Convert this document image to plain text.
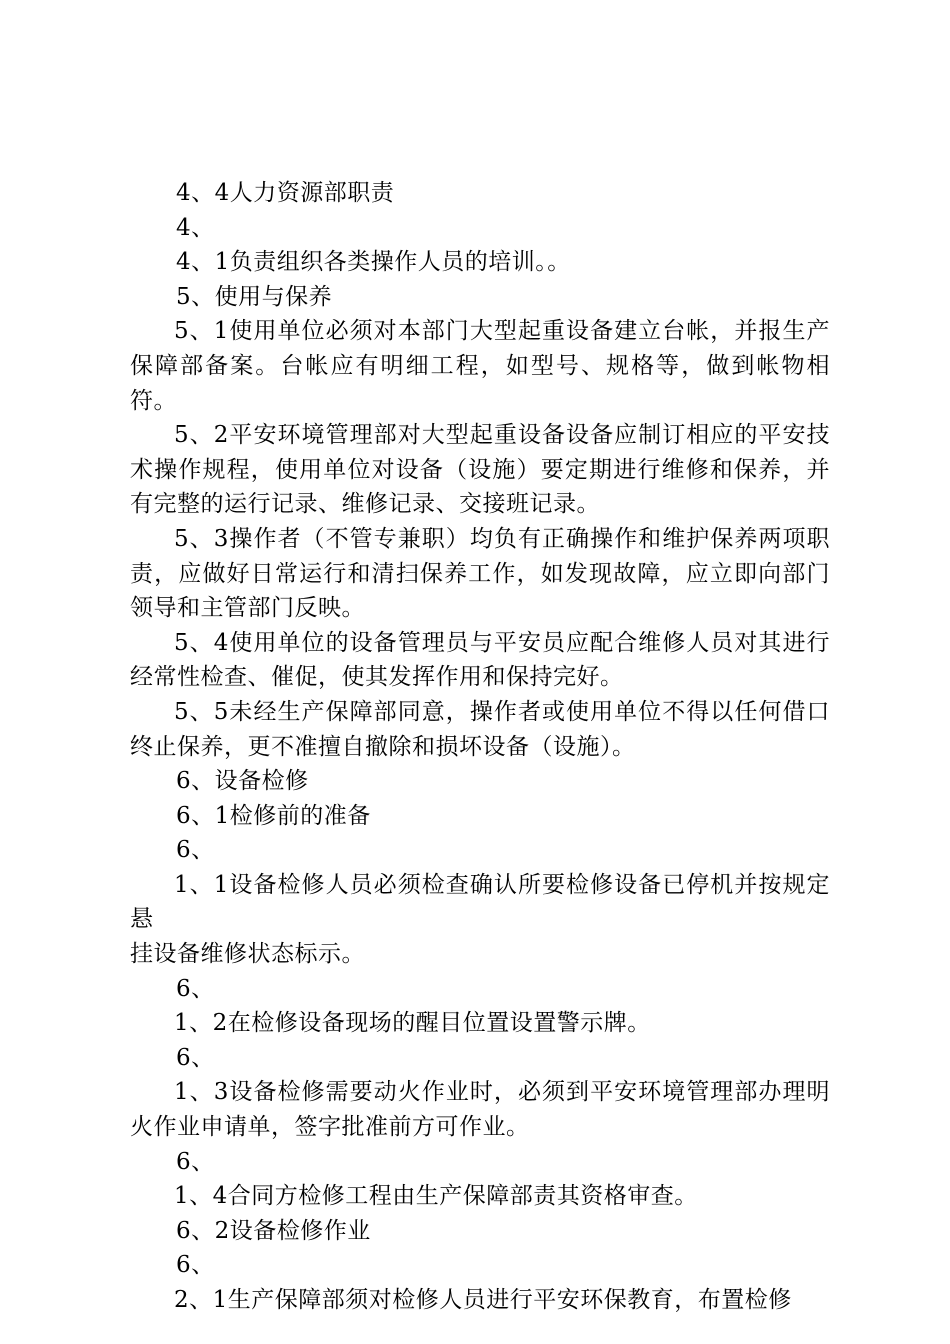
4、4人力资源部职责

4、

4、1负责组织各类操作人员的培训。。

5、使用与保养

5、1使用单位必须对本部门大型起重设备建立台帐，并报生产保障部备案。台帐应有明细工程，如型号、规格等，做到帐物相符。

5、2平安环境管理部对大型起重设备设备应制订相应的平安技术操作规程，使用单位对设备（设施）要定期进行维修和保养，并有完整的运行记录、维修记录、交接班记录。

5、3操作者（不管专兼职）均负有正确操作和维护保养两项职责，应做好日常运行和清扫保养工作，如发现故障，应立即向部门领导和主管部门反映。

5、4使用单位的设备管理员与平安员应配合维修人员对其进行经常性检查、催促，使其发挥作用和保持完好。

5、5未经生产保障部同意，操作者或使用单位不得以任何借口终止保养，更不准擅自撤除和损坏设备（设施）。

6、设备检修

6、1检修前的准备

6、

1、1设备检修人员必须检查确认所要检修设备已停机并按规定悬

挂设备维修状态标示。

6、

1、2在检修设备现场的醒目位置设置警示牌。

6、

1、3设备检修需要动火作业时，必须到平安环境管理部办理明火作业申请单，签字批准前方可作业。

6、

1、4合同方检修工程由生产保障部责其资格审查。

6、2设备检修作业

6、

2、1生产保障部须对检修人员进行平安环保教育，布置检修
